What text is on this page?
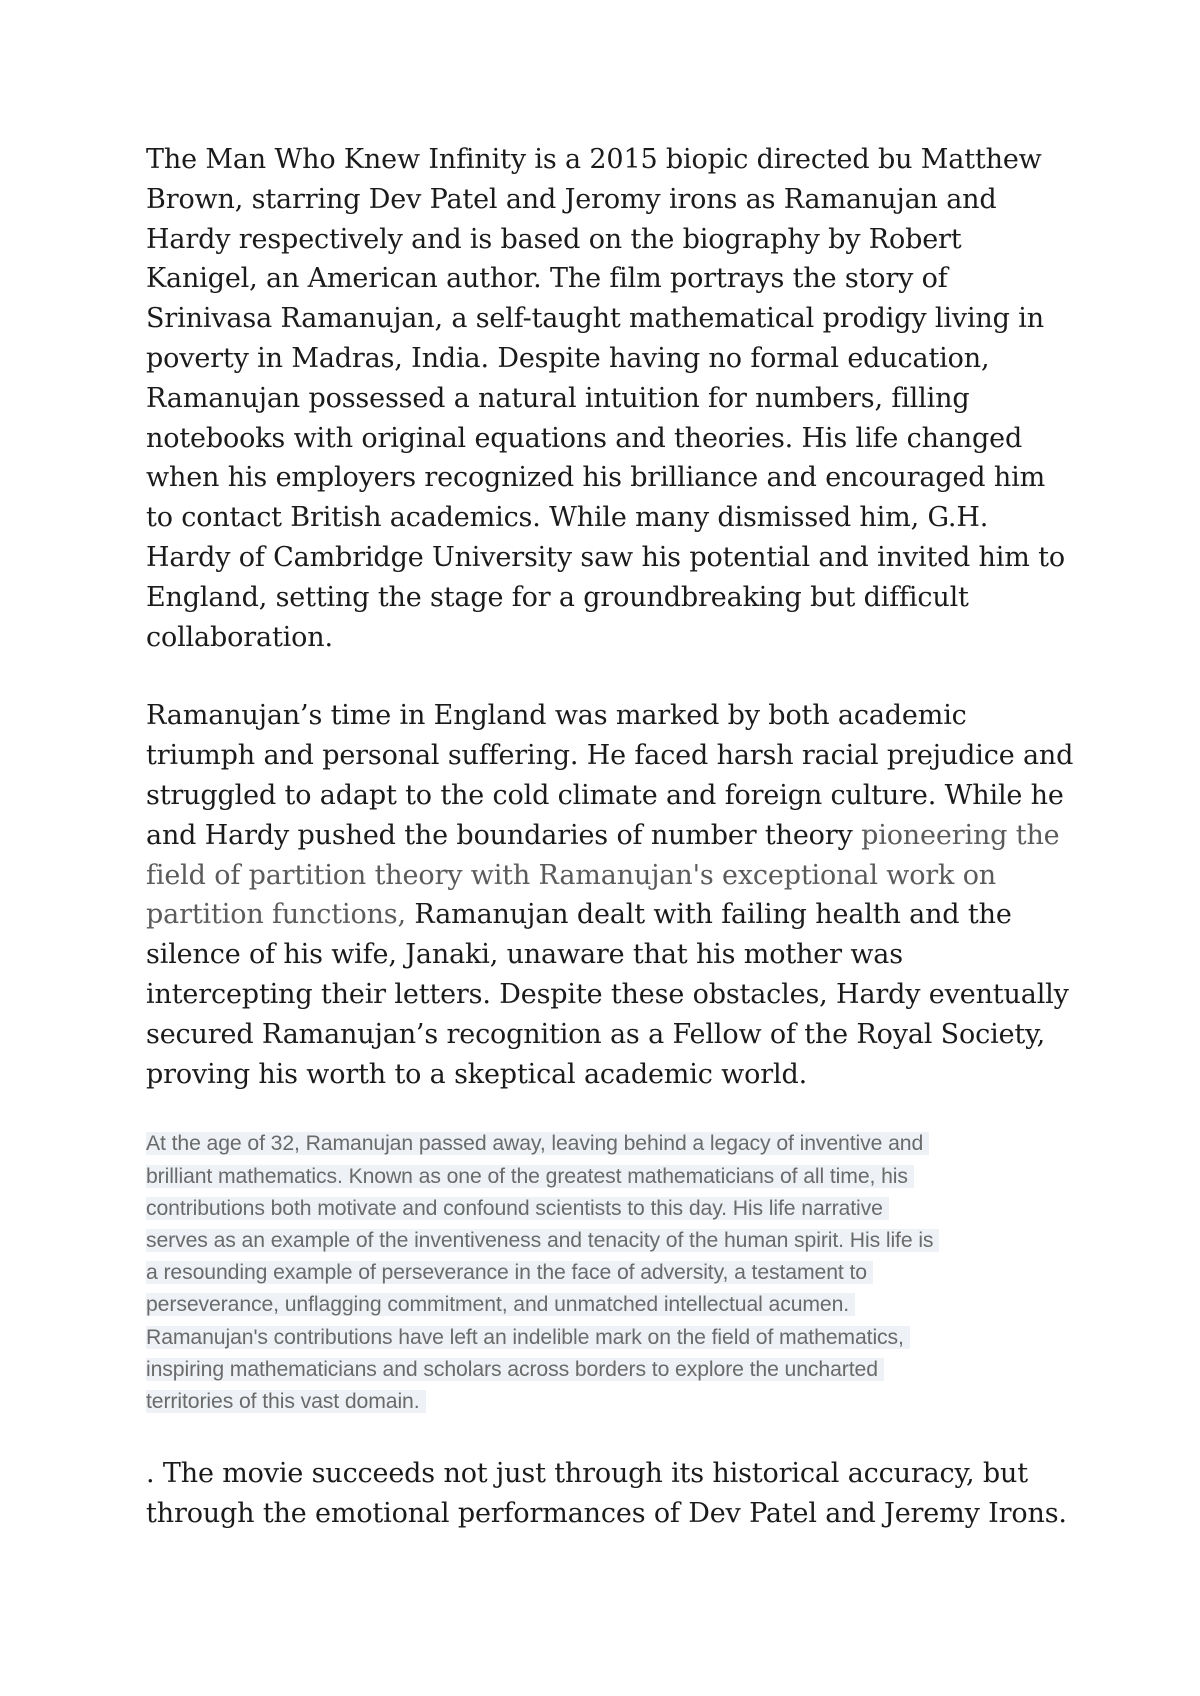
The Man Who Knew Infinity is a 2015 biopic directed bu Matthew
Brown, starring Dev Patel and Jeromy irons as Ramanujan and
Hardy respectively and is based on the biography by Robert
Kanigel, an American author. The film portrays the story of
Srinivasa Ramanujan, a self-taught mathematical prodigy living in
poverty in Madras, India. Despite having no formal education,
Ramanujan possessed a natural intuition for numbers, filling
notebooks with original equations and theories. His life changed
when his employers recognized his brilliance and encouraged him
to contact British academics. While many dismissed him, G.H.
Hardy of Cambridge University saw his potential and invited him to
England, setting the stage for a groundbreaking but difficult
collaboration.

Ramanujan’s time in England was marked by both academic
triumph and personal suffering. He faced harsh racial prejudice and
struggled to adapt to the cold climate and foreign culture. While he
and Hardy pushed the boundaries of number theory pioneering the
field of partition theory with Ramanujan's exceptional work on
partition functions, Ramanujan dealt with failing health and the
silence of his wife, Janaki, unaware that his mother was
intercepting their letters. Despite these obstacles, Hardy eventually
secured Ramanujan’s recognition as a Fellow of the Royal Society,
proving his worth to a skeptical academic world.

At the age of 32, Ramanujan passed away, leaving behind a legacy of inventive and
brilliant mathematics. Known as one of the greatest mathematicians of all time, his
contributions both motivate and confound scientists to this day. His life narrative
serves as an example of the inventiveness and tenacity of the human spirit. His life is
a resounding example of perseverance in the face of adversity, a testament to
perseverance, unflagging commitment, and unmatched intellectual acumen.
Ramanujan's contributions have left an indelible mark on the field of mathematics,
inspiring mathematicians and scholars across borders to explore the uncharted
territories of this vast domain.

. The movie succeeds not just through its historical accuracy, but
through the emotional performances of Dev Patel and Jeremy Irons.
